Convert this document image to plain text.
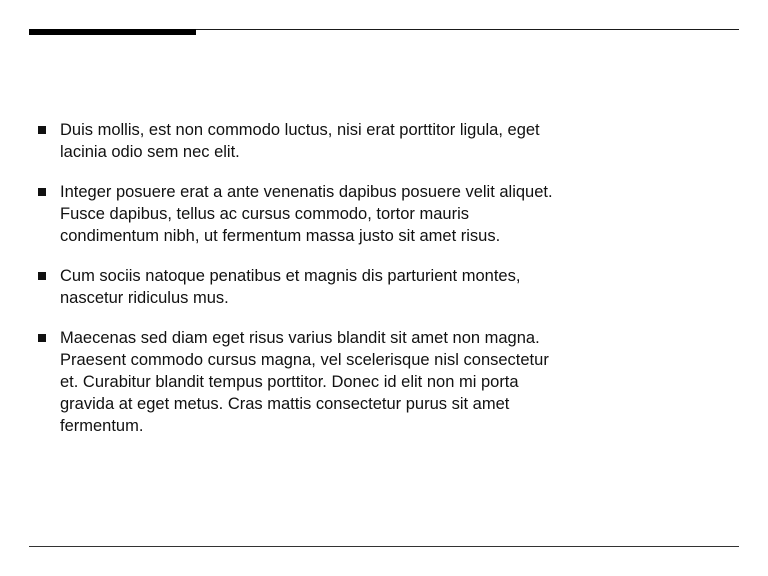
Duis mollis, est non commodo luctus, nisi erat porttitor ligula, eget lacinia odio sem nec elit.
Integer posuere erat a ante venenatis dapibus posuere velit aliquet. Fusce dapibus, tellus ac cursus commodo, tortor mauris condimentum nibh, ut fermentum massa justo sit amet risus.
Cum sociis natoque penatibus et magnis dis parturient montes, nascetur ridiculus mus.
Maecenas sed diam eget risus varius blandit sit amet non magna. Praesent commodo cursus magna, vel scelerisque nisl consectetur et. Curabitur blandit tempus porttitor. Donec id elit non mi porta gravida at eget metus. Cras mattis consectetur purus sit amet fermentum.
